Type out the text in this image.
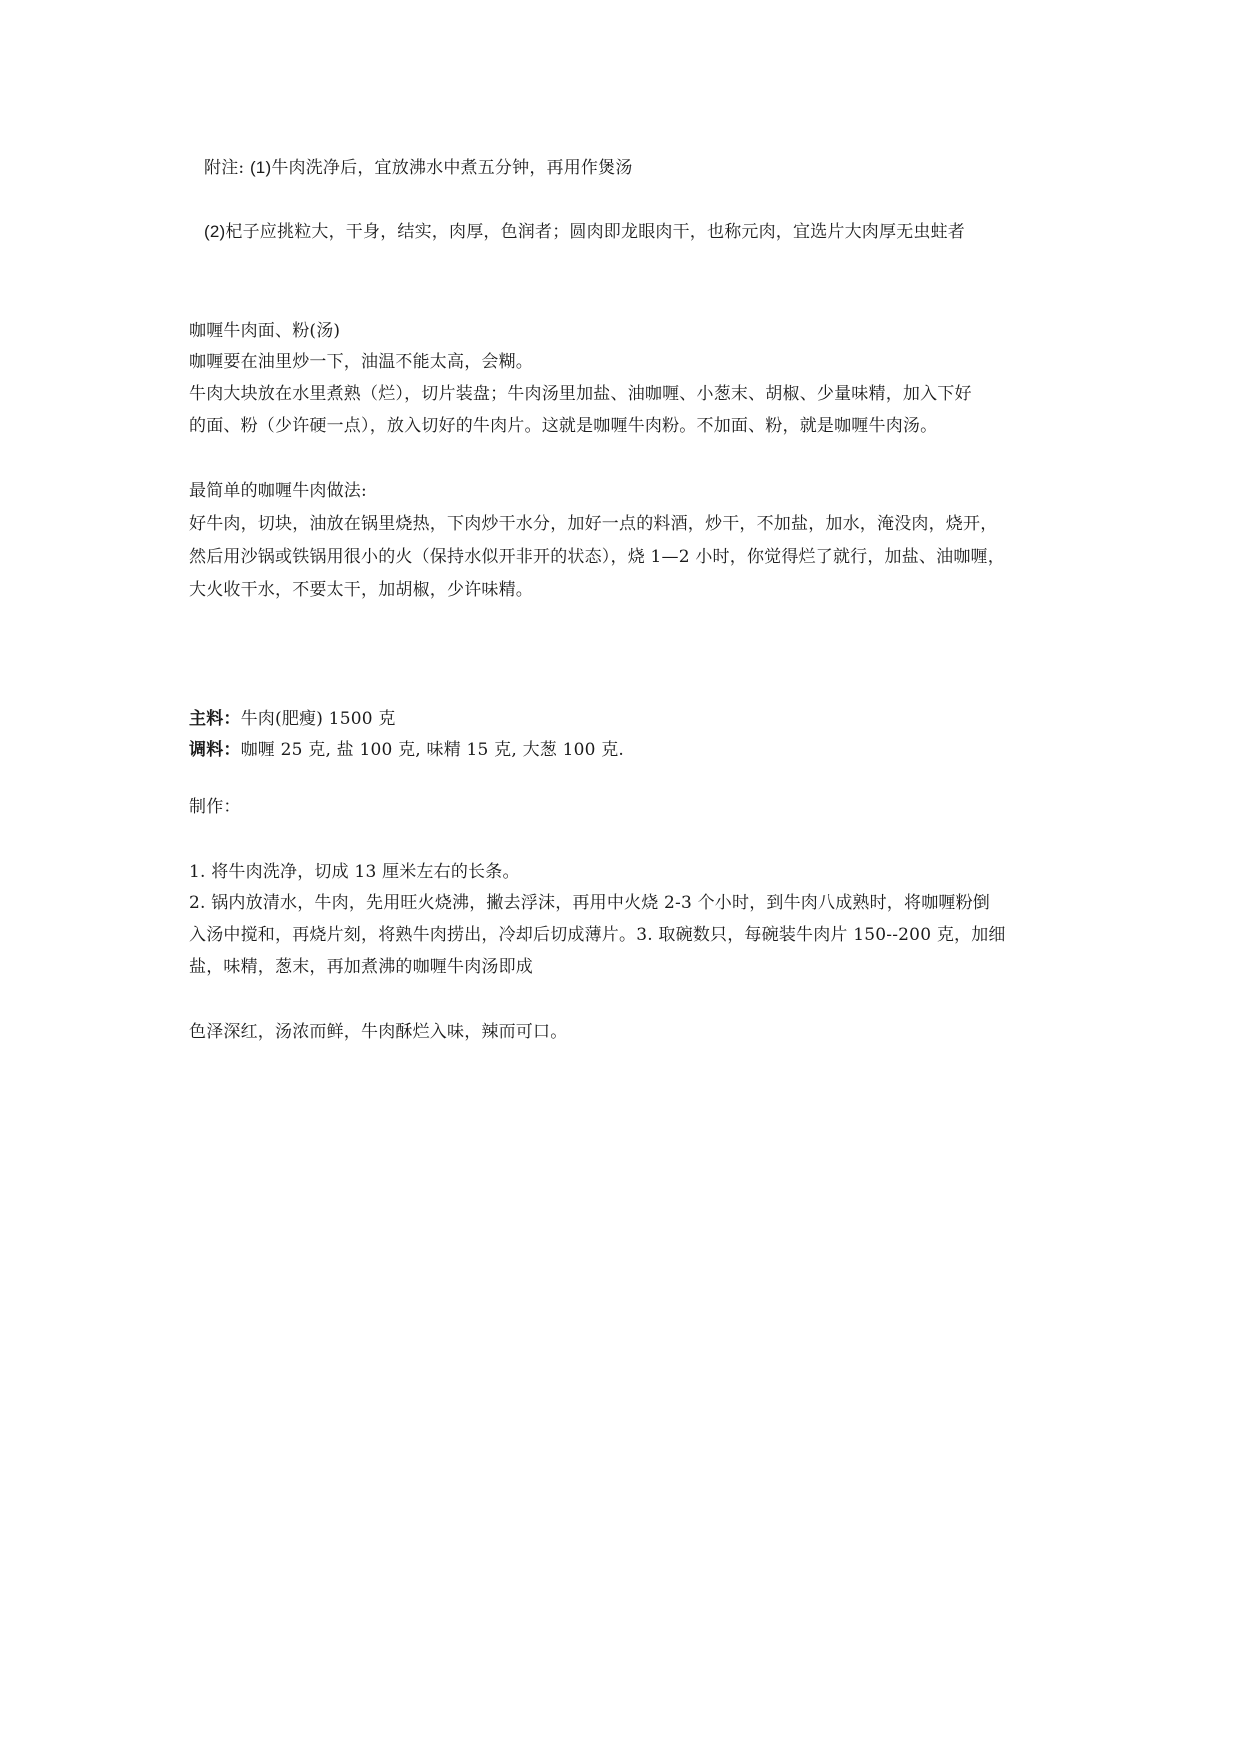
附注: (1)牛肉洗净后，宜放沸水中煮五分钟，再用作煲汤
(2)杞子应挑粒大，干身，结实，肉厚，色润者；圆肉即龙眼肉干，也称元肉，宜选片大肉厚无虫蛀者
咖喱牛肉面、粉(汤)
咖喱要在油里炒一下，油温不能太高，会糊。
牛肉大块放在水里煮熟（烂），切片装盘；牛肉汤里加盐、油咖喱、小葱末、胡椒、少量味精，加入下好
的面、粉（少许硬一点），放入切好的牛肉片。这就是咖喱牛肉粉。不加面、粉，就是咖喱牛肉汤。
最简单的咖喱牛肉做法:
好牛肉，切块，油放在锅里烧热，下肉炒干水分，加好一点的料酒，炒干，不加盐，加水，淹没肉，烧开，
然后用沙锅或铁锅用很小的火（保持水似开非开的状态），烧 1—2 小时，你觉得烂了就行，加盐、油咖喱，
大火收干水，不要太干，加胡椒，少许味精。
主料：牛肉(肥瘦) 1500 克
调料：咖喱 25 克, 盐 100 克, 味精 15 克, 大葱 100 克.
制作：
1. 将牛肉洗净，切成 13 厘米左右的长条。
2. 锅内放清水，牛肉，先用旺火烧沸，撇去浮沫，再用中火烧 2-3 个小时，到牛肉八成熟时，将咖喱粉倒
入汤中搅和，再烧片刻，将熟牛肉捞出，冷却后切成薄片。3. 取碗数只，每碗装牛肉片 150--200 克，加细
盐，味精，葱末，再加煮沸的咖喱牛肉汤即成
色泽深红，汤浓而鲜，牛肉酥烂入味，辣而可口。
